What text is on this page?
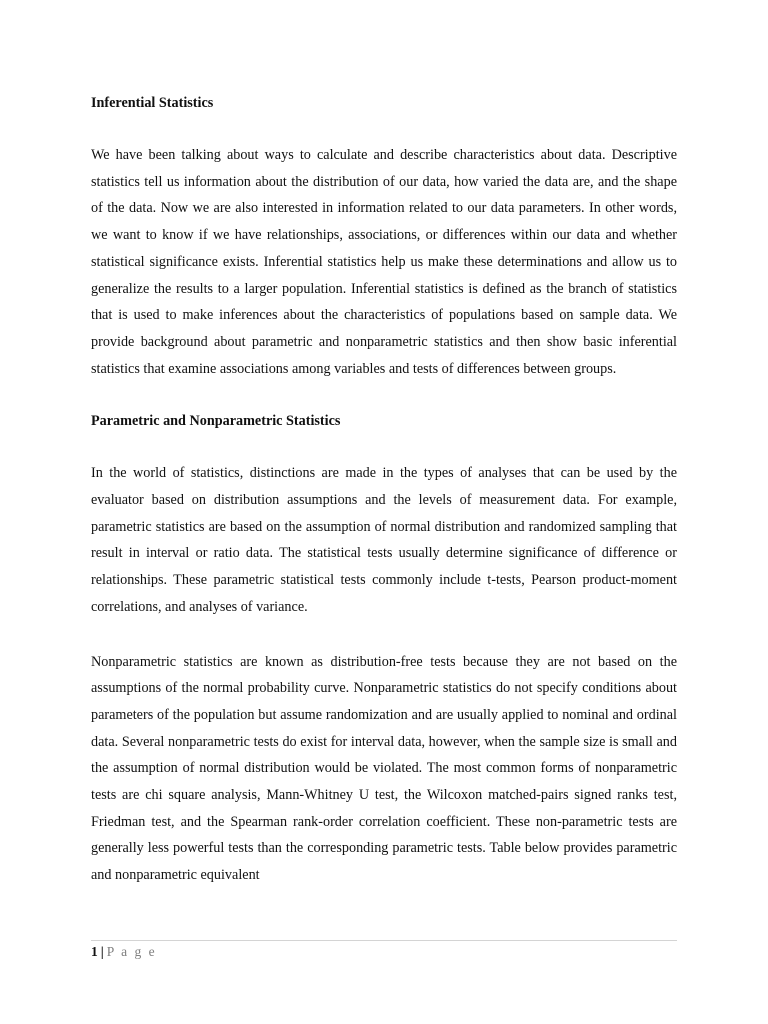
Inferential Statistics

We have been talking about ways to calculate and describe characteristics about data. Descriptive statistics tell us information about the distribution of our data, how varied the data are, and the shape of the data. Now we are also interested in information related to our data parameters. In other words, we want to know if we have relationships, associations, or differences within our data and whether statistical significance exists. Inferential statistics help us make these determinations and allow us to generalize the results to a larger population. Inferential statistics is defined as the branch of statistics that is used to make inferences about the characteristics of populations based on sample data. We provide background about parametric and nonparametric statistics and then show basic inferential statistics that examine associations among variables and tests of differences between groups.

Parametric and Nonparametric Statistics

In the world of statistics, distinctions are made in the types of analyses that can be used by the evaluator based on distribution assumptions and the levels of measurement data. For example, parametric statistics are based on the assumption of normal distribution and randomized sampling that result in interval or ratio data. The statistical tests usually determine significance of difference or relationships. These parametric statistical tests commonly include t-tests, Pearson product-moment correlations, and analyses of variance.

Nonparametric statistics are known as distribution-free tests because they are not based on the assumptions of the normal probability curve. Nonparametric statistics do not specify conditions about parameters of the population but assume randomization and are usually applied to nominal and ordinal data. Several nonparametric tests do exist for interval data, however, when the sample size is small and the assumption of normal distribution would be violated. The most common forms of nonparametric tests are chi square analysis, Mann-Whitney U test, the Wilcoxon matched-pairs signed ranks test, Friedman test, and the Spearman rank-order correlation coefficient. These non-parametric tests are generally less powerful tests than the corresponding parametric tests. Table below provides parametric and nonparametric equivalent

1 | P a g e
